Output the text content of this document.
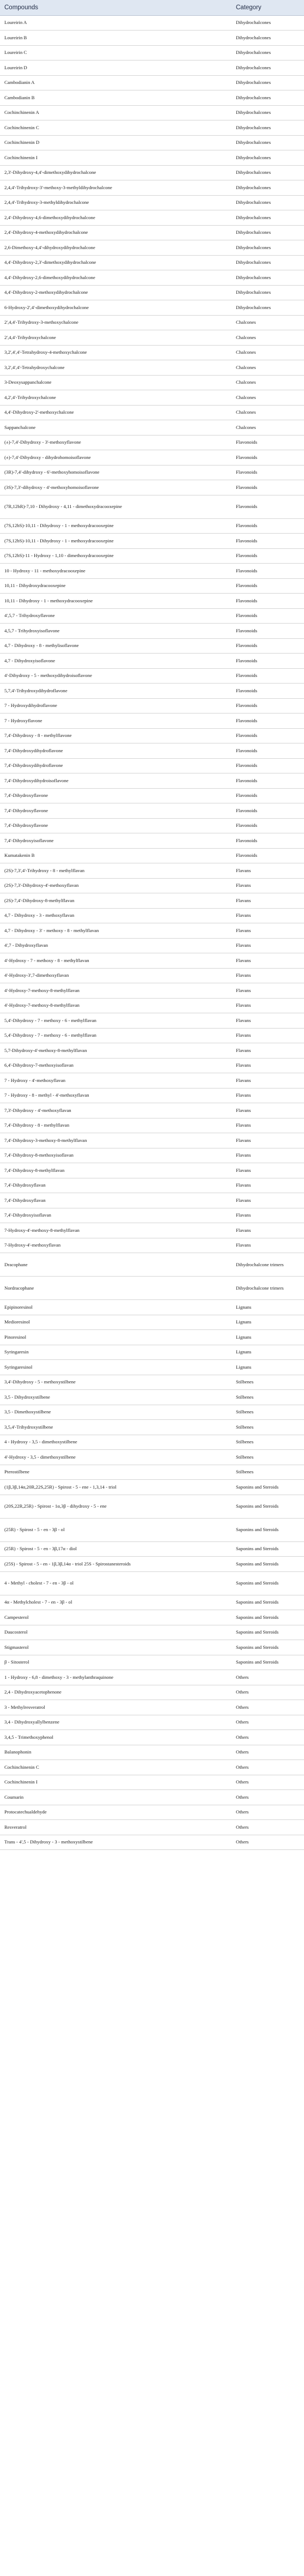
Compounds	Category
Loureirin A	Dihydrochalcones
Loureirin B	Dihydrochalcones
Loureirin C	Dihydrochalcones
Loureirin D	Dihydrochalcones
Cambodianin A	Dihydrochalcones
Cambodianin B	Dihydrochalcones
Cochinchinenin A	Dihydrochalcones
Cochinchinenin C	Dihydrochalcones
Cochinchinenin D	Dihydrochalcones
Cochinchinenin I	Dihydrochalcones
2,3'-Dihydroxy-4,4'-dimethoxydihydrochalcone	Dihydrochalcones
2,4,4'-Trihydroxy-3'-methoxy-3-methyldihydrochalcone	Dihydrochalcones
2,4,4'-Trihydroxy-3-methyldihydrochalcone	Dihydrochalcones
2,4'-Dihydroxy-4,6-dimethoxydihydrochalcone	Dihydrochalcones
2,4'-Dihydroxy-4-methoxydihydrochalcone	Dihydrochalcones
2,6-Dimethoxy-4,4'-dihydroxydihydrochalcone	Dihydrochalcones
4,4'-Dihydroxy-2,3'-dimethoxydihydrochalcone	Dihydrochalcones
4,4'-Dihydroxy-2,6-dimethoxydihydrochalcone	Dihydrochalcones
4,4'-Dihydroxy-2-methoxydihydrochalcone	Dihydrochalcones
6-Hydroxy-2',4'-dimethoxydihydrochalcone	Dihydrochalcones
2',4,4'-Trihydroxy-3-methoxychalcone	Chalcones
2',4,4'-Trihydroxychalcone	Chalcones
3,2',4',4'-Tetrahydroxy-4-methoxychalcone	Chalcones
3,2',4',4'-Tetrahydroxychalcone	Chalcones
3-Deoxysappanchalcone	Chalcones
4,2',4'-Trihydroxychalcone	Chalcones
4,4'-Dihydroxy-2'-methoxychalcone	Chalcones
Sappanchalcone	Chalcones
(±)-7,4'-Dihydroxy - 3'-methoxyflavone	Flavonoids
(±)-7,4'-Dihydroxy - dihydrohomoisoflavone	Flavonoids
(3R)-7,4'-dihydroxy - 6'-methoxyhomoisoflavone	Flavonoids
(3S)-7,3'-dihydroxy - 4'-methoxyhomoisoflavone	Flavonoids
(7R,12bR)-7,10 - Dihydroxy - 4,11 - dimethoxydracooxepine	Flavonoids
(7S,12bS)-10,11 - Dihydroxy - 1 - methoxydracooxepine	Flavonoids
(7S,12bS)-10,11 - Dihydroxy - 1 - methoxydracooxepine	Flavonoids
(7S,12bS)-11 - Hydroxy - 1,10 - dimethoxydracooxepine	Flavonoids
10 - Hydroxy - 11 - methoxydracooxepine	Flavonoids
10,11 - Dihydroxydracooxepine	Flavonoids
10,11 - Dihydroxy - 1 - methoxydracooxepine	Flavonoids
4',5,7 - Trihydroxyflavone	Flavonoids
4,5,7 - Trihydroxyisoflavone	Flavonoids
4,7 - Dihydroxy - 8 - methylisoflavone	Flavonoids
4,7 - Dihydroxyisoflavone	Flavonoids
4'-Dihydroxy - 5 - methoxydihydroisoflavone	Flavonoids
5,7,4'-Trihydroxydihydroflavone	Flavonoids
7 - Hydroxydihydroflavone	Flavonoids
7 - Hydroxyflavone	Flavonoids
7,4'-Dihydroxy - 8 - methylflavone	Flavonoids
7,4'-Dihydroxydihydroflavone	Flavonoids
7,4'-Dihydroxydihydroflavone	Flavonoids
7,4'-Dihydroxydihydroisoflavone	Flavonoids
7,4'-Dihydroxyflavone	Flavonoids
7,4'-Dihydroxyflavone	Flavonoids
7,4'-Dihydroxyflavone	Flavonoids
7,4'-Dihydroxyisoflavone	Flavonoids
Kumatakenin B	Flavonoids
(2S)-7,3',4'-Trihydroxy - 8 - methylflavan	Flavans
(2S)-7,3'-Dihydroxy-4'-methoxyflavan	Flavans
(2S)-7,4'-Dihydroxy-8-methylflavan	Flavans
4,7 - Dihydroxy - 3 - methoxyflavan	Flavans
4,7 - Dihydroxy - 3' - methoxy - 8 - methylflavan	Flavans
4',7 - Dihydroxyflavan	Flavans
4'-Hydroxy - 7 - methoxy - 8 - methylflavan	Flavans
4'-Hydroxy-3',7-dimethoxyflavan	Flavans
4'-Hydroxy-7-methoxy-8-methylflavan	Flavans
4'-Hydroxy-7-methoxy-8-methylflavan	Flavans
5,4'-Dihydroxy - 7 - methoxy - 6 - methylflavan	Flavans
5,4'-Dihydroxy - 7 - methoxy - 6 - methylflavan	Flavans
5,7-Dihydroxy-4'-methoxy-8-methylflavan	Flavans
6,4'-Dihydroxy-7-methoxyisoflavan	Flavans
7 - Hydroxy - 4'-methoxyflavan	Flavans
7 - Hydroxy - 8 - methyl - 4'-methoxyflavan	Flavans
7,3'-Dihydroxy - 4'-methoxyflavan	Flavans
7,4'-Dihydroxy - 8 - methylflavan	Flavans
7,4'-Dihydroxy-3-methoxy-8-methylflavan	Flavans
7,4'-Dihydroxy-8-methoxyisoflavan	Flavans
7,4'-Dihydroxy-8-methylflavan	Flavans
7,4'-Dihydroxyflavan	Flavans
7,4'-Dihydroxyflavan	Flavans
7,4'-Dihydroxyisoflavan	Flavans
7-Hydroxy-4'-methoxy-8-methylflavan	Flavans
7-Hydroxy-4'-methoxyflavan	Flavans
Dracophane	Dihydrochalcone trimers
Nordracophane	Dihydrochalcone trimers
Epipinoresinol	Lignans
Medioresinol	Lignans
Pinoresinol	Lignans
Syringaresin	Lignans
Syringaresinol	Lignans
3,4'-Dihydroxy - 5 - methoxystilbene	Stilbenes
3,5 - Dihydroxystilbene	Stilbenes
3,5 - Dimethoxystilbene	Stilbenes
3,5,4'-Trihydroxystilbene	Stilbenes
4 - Hydroxy - 3,5 - dimethoxystilbene	Stilbenes
4'-Hydroxy - 3,5 - dimethoxystilbene	Stilbenes
Pterostilbene	Stilbenes
(1β,3β,14α,20R,22S,25R) - Spirost - 5 - ene - 1,3,14 - triol	Saponins and Steroids
(20S,22R,25R) - Spirost - 1α,3β - dihydroxy - 5 - ene	Saponins and Steroids
(25R) - Spirost - 5 - en - 3β - ol	Saponins and Steroids
(25R) - Spirost - 5 - en - 3β,17α - diol	Saponins and Steroids
(25S) - Spirost - 5 - en - 1β,3β,14α - triol 25S - Spirostanesteroids	Saponins and Steroids
4 - Methyl - cholest - 7 - en - 3β - ol	Saponins and Steroids
4α - Methylcholest - 7 - en - 3β - ol	Saponins and Steroids
Campesterol	Saponins and Steroids
Daucosterol	Saponins and Steroids
Stigmasterol	Saponins and Steroids
β - Sitosterol	Saponins and Steroids
1 - Hydroxy - 6,8 - dimethoxy - 3 - methylanthraquinone	Others
2,4 - Dihydroxyacetophenone	Others
3 - Methylresveratrol	Others
3,4 - Dihydroxyallylbenzene	Others
3,4,5 - Trimethoxyphenol	Others
Balanophonin	Others
Cochinchinenin C	Others
Cochinchinenin I	Others
Coumarin	Others
Protocatechualdehyde	Others
Resveratrol	Others
Trans - 4',5 - Dihydroxy - 3 - methoxystilbene	Others
